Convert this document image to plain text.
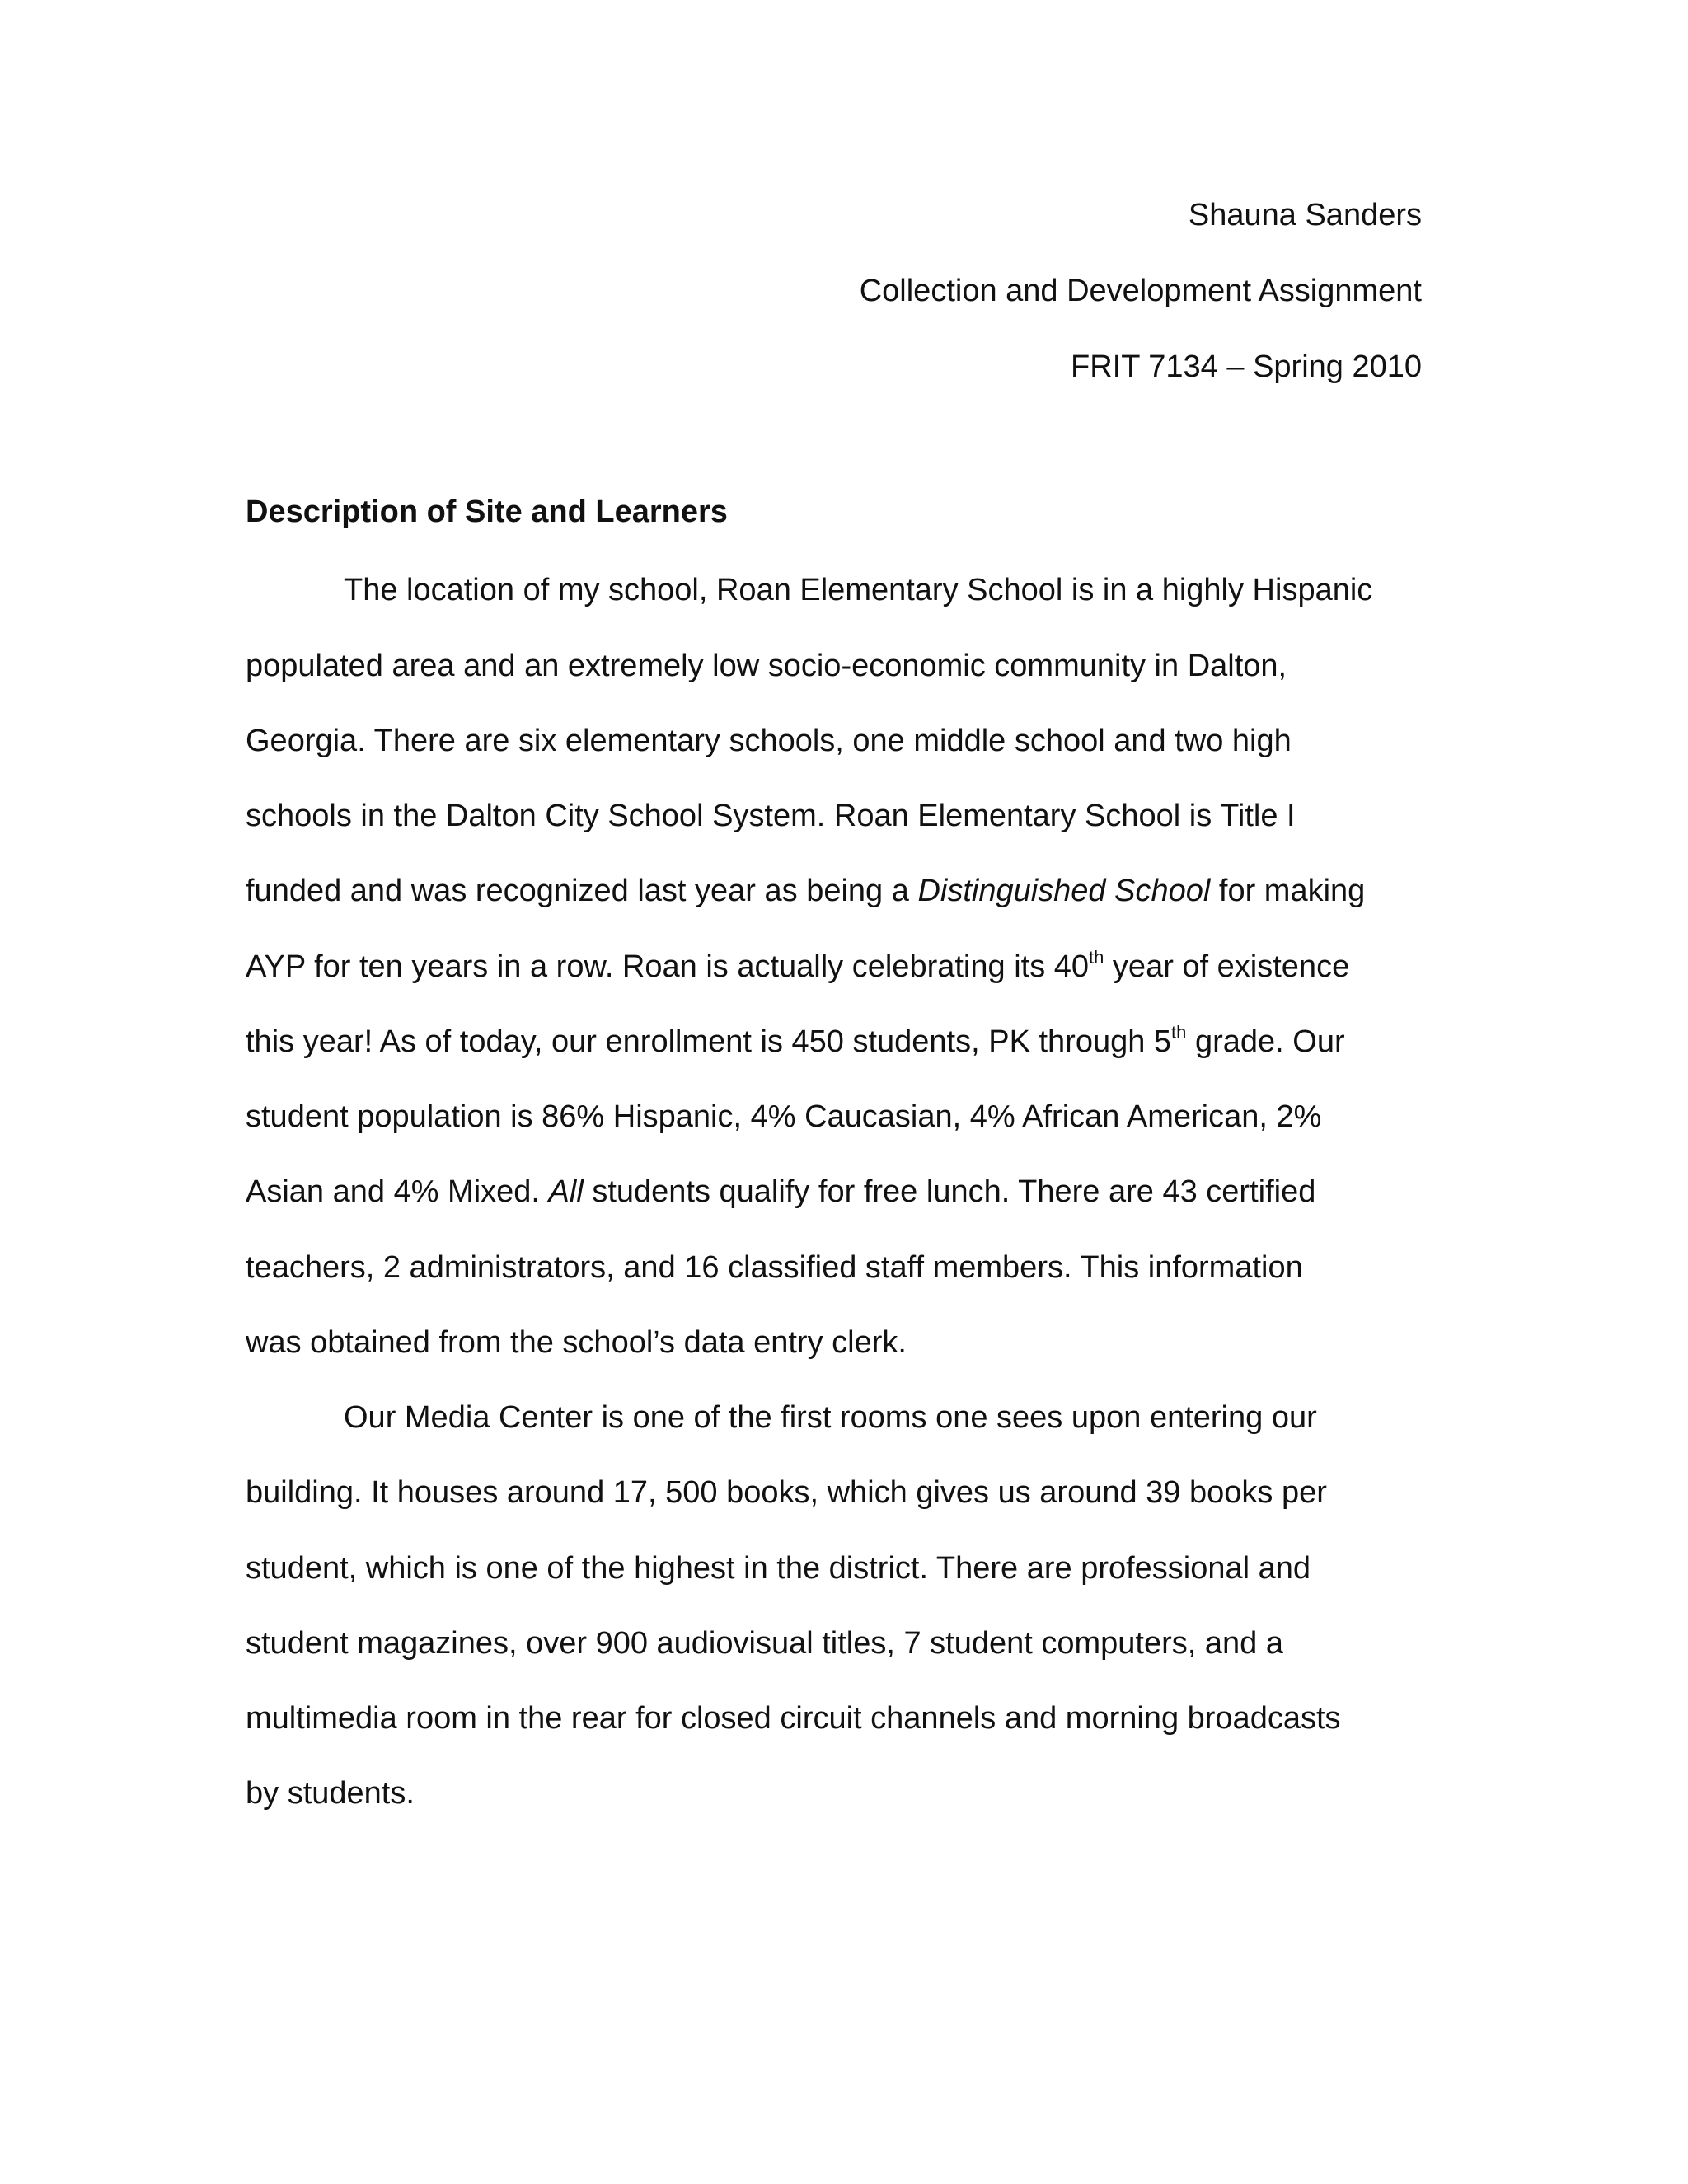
Shauna Sanders
Collection and Development Assignment
FRIT 7134 – Spring 2010
Description of Site and Learners
The location of my school, Roan Elementary School is in a highly Hispanic
populated area and an extremely low socio-economic community in Dalton,
Georgia. There are six elementary schools, one middle school and two high
schools in the Dalton City School System. Roan Elementary School is Title I
funded and was recognized last year as being a Distinguished School for making
AYP for ten years in a row. Roan is actually celebrating its 40th year of existence
this year! As of today, our enrollment is 450 students, PK through 5th grade. Our
student population is 86% Hispanic, 4% Caucasian, 4% African American, 2%
Asian and 4% Mixed. All students qualify for free lunch. There are 43 certified
teachers, 2 administrators, and 16 classified staff members. This information
was obtained from the school’s data entry clerk.
Our Media Center is one of the first rooms one sees upon entering our
building. It houses around 17, 500 books, which gives us around 39 books per
student, which is one of the highest in the district. There are professional and
student magazines, over 900 audiovisual titles, 7 student computers, and a
multimedia room in the rear for closed circuit channels and morning broadcasts
by students.
